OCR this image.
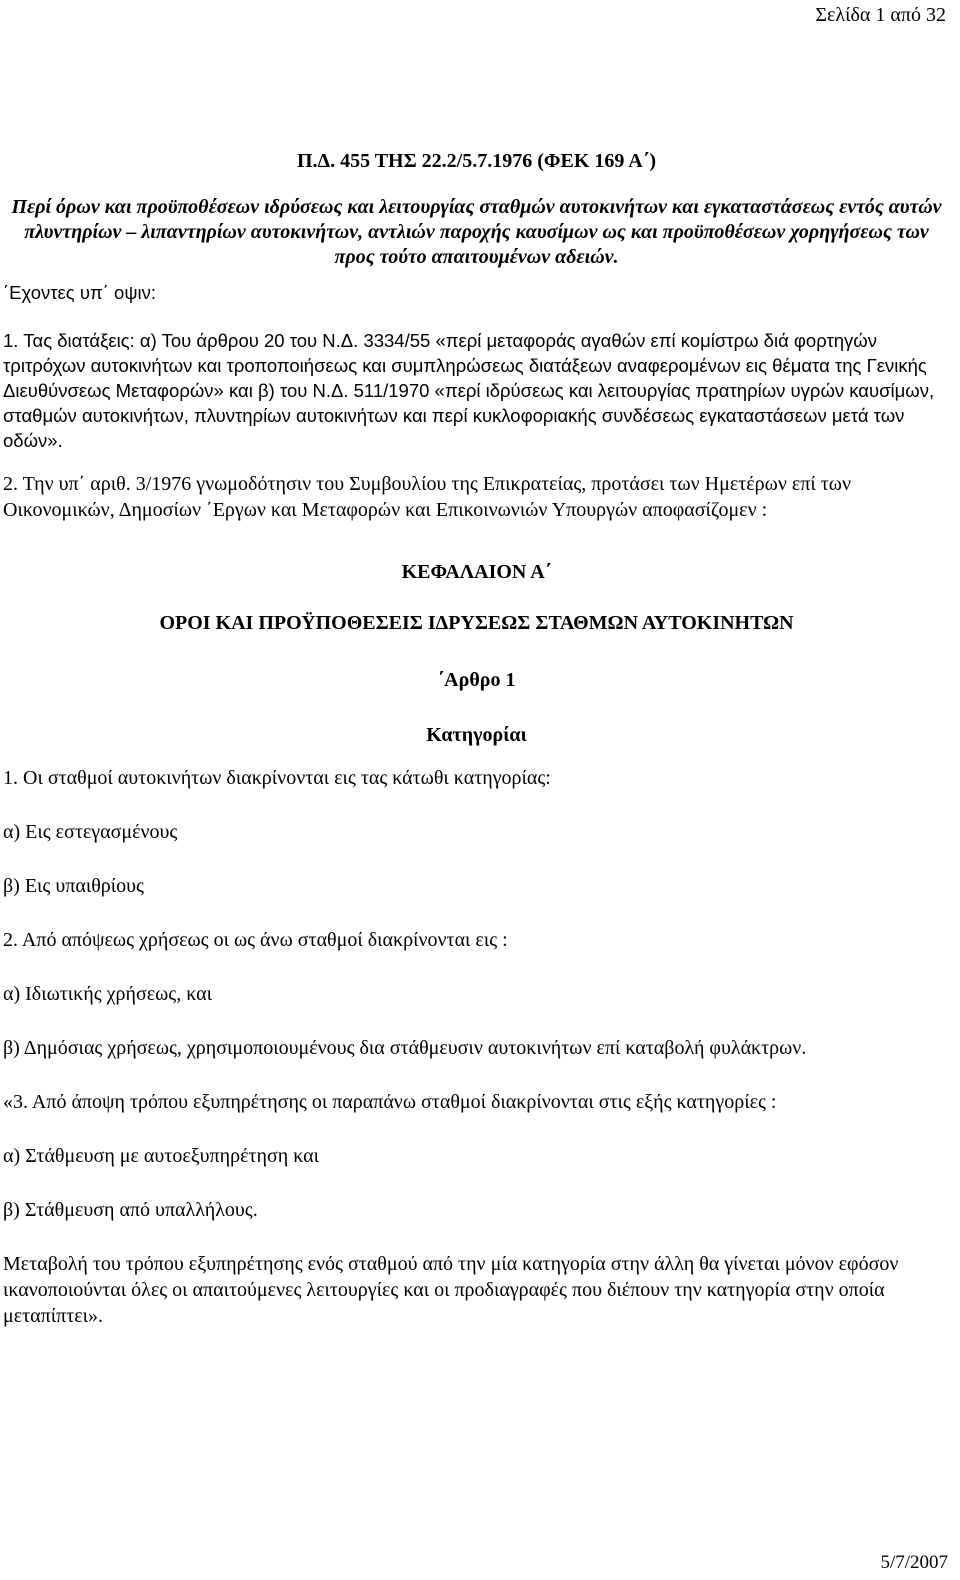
Σελίδα 1 από 32
Π.Δ. 455 ΤΗΣ 22.2/5.7.1976 (ΦΕΚ 169 Α΄)
Περί όρων και προϋποθέσεων ιδρύσεως και λειτουργίας σταθμών αυτοκινήτων και εγκαταστάσεως εντός αυτών πλυντηρίων – λιπαντηρίων αυτοκινήτων, αντλιών παροχής καυσίμων ως και προϋποθέσεων χορηγήσεως των προς τούτο απαιτουμένων αδειών.

΄Εχοντες υπ΄ οψιν:

1. Τας διατάξεις: α) Του άρθρου 20 του Ν.Δ. 3334/55 «περί μεταφοράς αγαθών επί κομίστρω διά φορτηγών τριτρόχων αυτοκινήτων και τροποποιήσεως και συμπληρώσεως διατάξεων αναφερομένων εις θέματα της Γενικής Διευθύνσεως Μεταφορών» και β) του Ν.Δ. 511/1970 «περί ιδρύσεως και λειτουργίας πρατηρίων υγρών καυσίμων, σταθμών αυτοκινήτων, πλυντηρίων αυτοκινήτων και περί κυκλοφοριακής συνδέσεως εγκαταστάσεων μετά των οδών».

2. Την υπ΄ αριθ. 3/1976 γνωμοδότησιν του Συμβουλίου της Επικρατείας, προτάσει των Ημετέρων επί των Οικονομικών, Δημοσίων ΄Εργων και Μεταφορών και Επικοινωνιών Υπουργών αποφασίζομεν :

ΚΕΦΑΛΑΙΟΝ Α΄
ΟΡΟΙ ΚΑΙ ΠΡΟΫΠΟΘΕΣΕΙΣ ΙΔΡΥΣΕΩΣ ΣΤΑΘΜΩΝ ΑΥΤΟΚΙΝΗΤΩΝ
΄Αρθρο 1
Κατηγορίαι

1. Οι σταθμοί αυτοκινήτων διακρίνονται εις τας κάτωθι κατηγορίας:

α) Εις εστεγασμένους

β) Εις υπαιθρίους

2. Από απόψεως χρήσεως οι ως άνω σταθμοί διακρίνονται εις :

α) Ιδιωτικής χρήσεως, και

β) Δημόσιας χρήσεως, χρησιμοποιουμένους δια στάθμευσιν αυτοκινήτων επί καταβολή φυλάκτρων.

«3. Από άποψη τρόπου εξυπηρέτησης οι παραπάνω σταθμοί διακρίνονται στις εξής κατηγορίες :

α) Στάθμευση με αυτοεξυπηρέτηση και

β) Στάθμευση από υπαλλήλους.

Μεταβολή του τρόπου εξυπηρέτησης ενός σταθμού από την μία κατηγορία στην άλλη θα γίνεται μόνον εφόσον ικανοποιούνται όλες οι απαιτούμενες λειτουργίες και οι προδιαγραφές που διέπουν την κατηγορία στην οποία μεταπίπτει».

5/7/2007
